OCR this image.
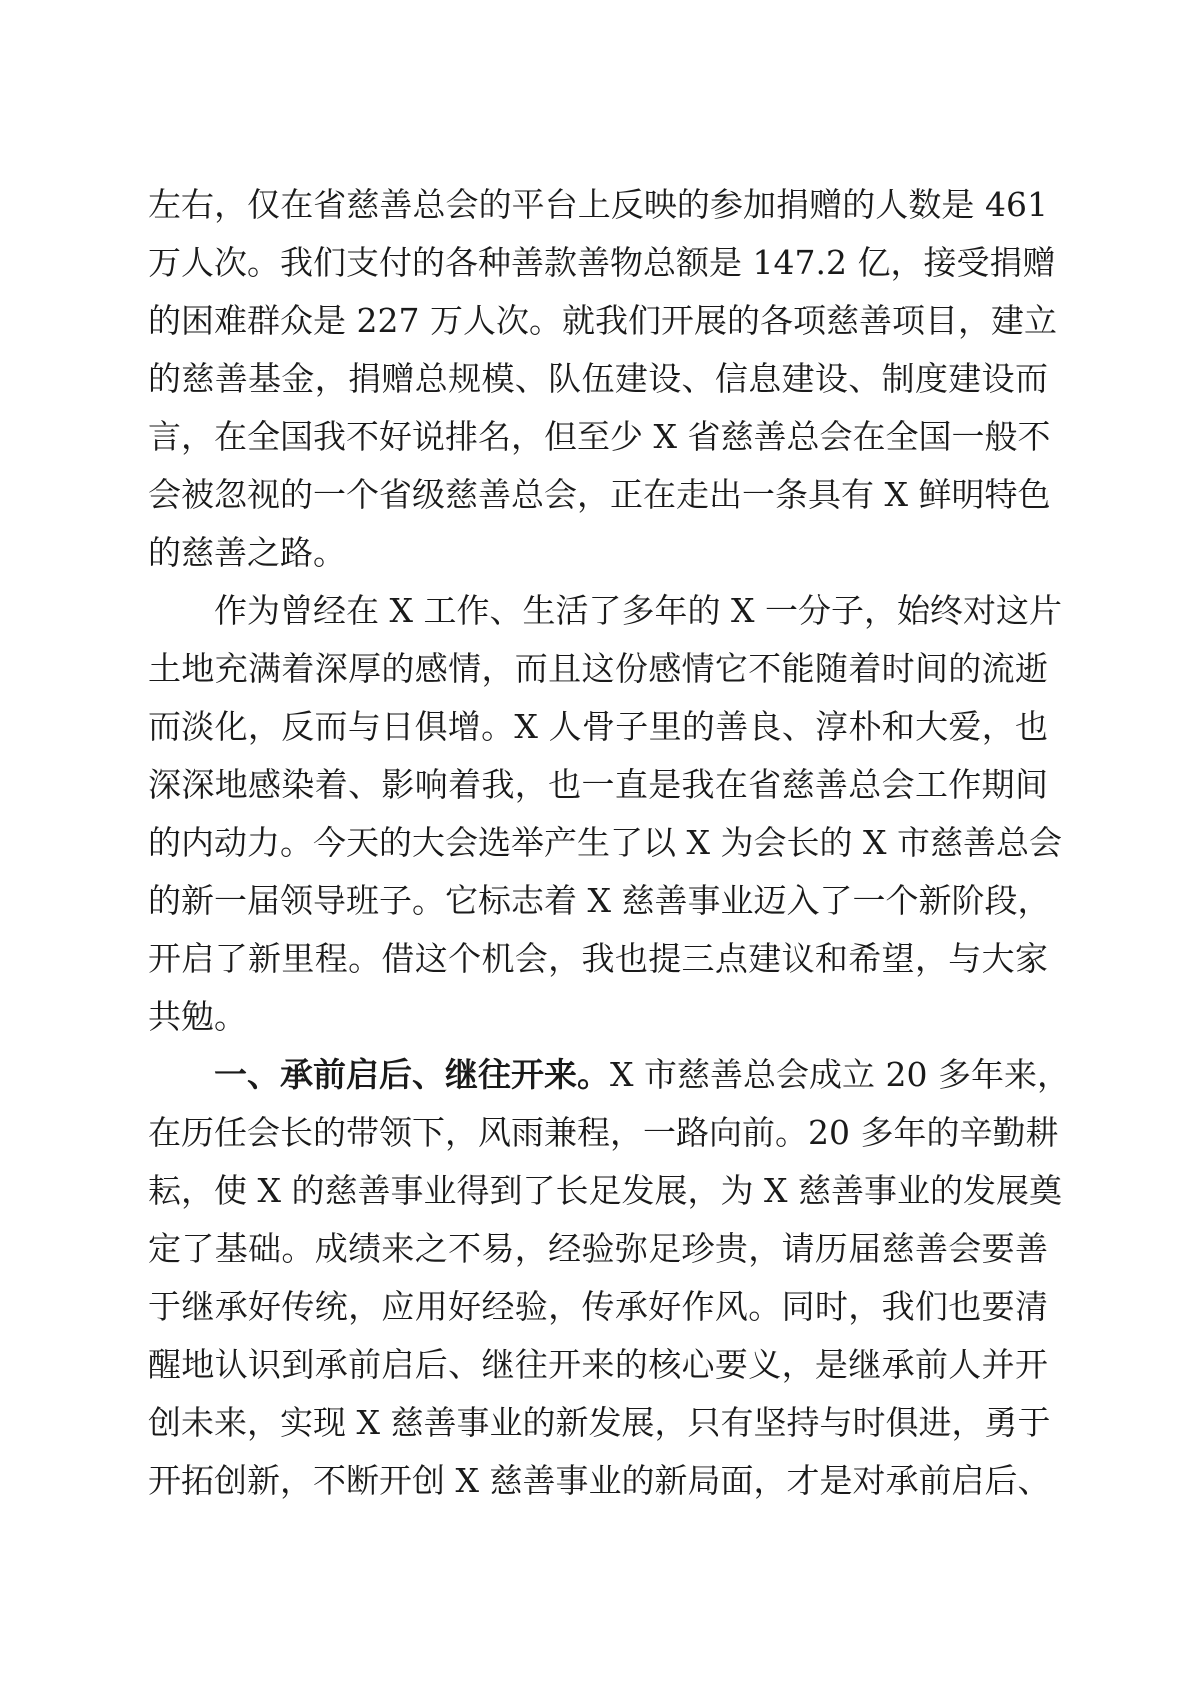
左右，仅在省慈善总会的平台上反映的参加捐赠的人数是 461
万人次。我们支付的各种善款善物总额是 147.2 亿，接受捐赠
的困难群众是 227 万人次。就我们开展的各项慈善项目，建立
的慈善基金，捐赠总规模、队伍建设、信息建设、制度建设而
言，在全国我不好说排名，但至少 X 省慈善总会在全国一般不
会被忽视的一个省级慈善总会，正在走出一条具有 X 鲜明特色
的慈善之路。
作为曾经在 X 工作、生活了多年的 X 一分子，始终对这片
土地充满着深厚的感情，而且这份感情它不能随着时间的流逝
而淡化，反而与日俱增。X 人骨子里的善良、淳朴和大爱，也
深深地感染着、影响着我，也一直是我在省慈善总会工作期间
的内动力。今天的大会选举产生了以 X 为会长的 X 市慈善总会
的新一届领导班子。它标志着 X 慈善事业迈入了一个新阶段，
开启了新里程。借这个机会，我也提三点建议和希望，与大家
共勉。
一、承前启后、继往开来。X 市慈善总会成立 20 多年来，
在历任会长的带领下，风雨兼程，一路向前。20 多年的辛勤耕
耘，使 X 的慈善事业得到了长足发展，为 X 慈善事业的发展奠
定了基础。成绩来之不易，经验弥足珍贵，请历届慈善会要善
于继承好传统，应用好经验，传承好作风。同时，我们也要清
醒地认识到承前启后、继往开来的核心要义，是继承前人并开
创未来，实现 X 慈善事业的新发展，只有坚持与时俱进，勇于
开拓创新，不断开创 X 慈善事业的新局面，才是对承前启后、
